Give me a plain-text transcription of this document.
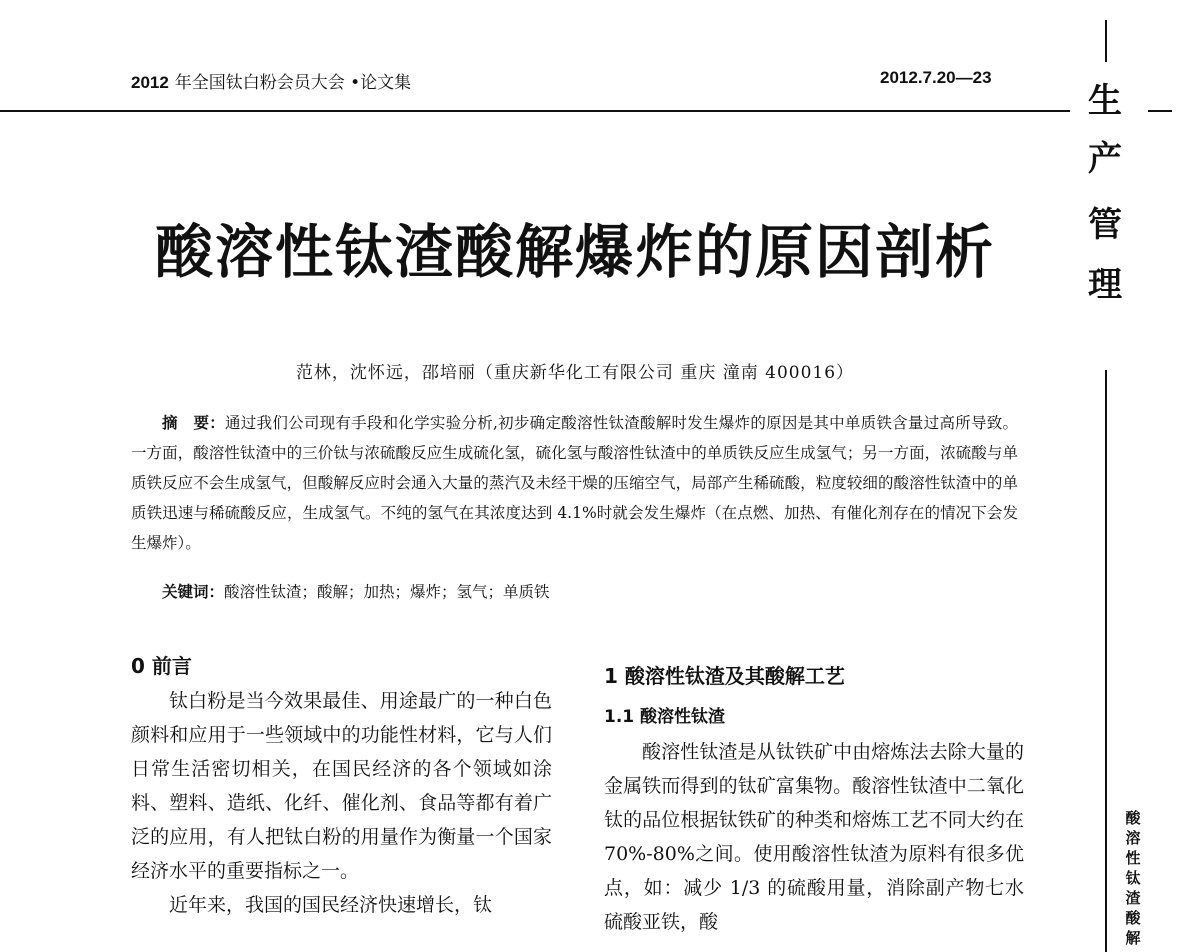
2012 年全国钛白粉会员大会 •论文集	2012.7.20—23
生
产
管
理
酸
溶
性
钛
渣
酸
解
酸溶性钛渣酸解爆炸的原因剖析
范林，沈怀远，邵培丽（重庆新华化工有限公司 重庆 潼南 400016）
摘　要：通过我们公司现有手段和化学实验分析,初步确定酸溶性钛渣酸解时发生爆炸的原因是其中单质铁含量过高所导致。一方面，酸溶性钛渣中的三价钛与浓硫酸反应生成硫化氢，硫化氢与酸溶性钛渣中的单质铁反应生成氢气；另一方面，浓硫酸与单质铁反应不会生成氢气，但酸解反应时会通入大量的蒸汽及未经干燥的压缩空气，局部产生稀硫酸，粒度较细的酸溶性钛渣中的单质铁迅速与稀硫酸反应，生成氢气。不纯的氢气在其浓度达到 4.1%时就会发生爆炸（在点燃、加热、有催化剂存在的情况下会发生爆炸）。
关键词：酸溶性钛渣；酸解；加热；爆炸；氢气；单质铁
0 前言

钛白粉是当今效果最佳、用途最广的一种白色颜料和应用于一些领域中的功能性材料，它与人们日常生活密切相关，在国民经济的各个领域如涂料、塑料、造纸、化纤、催化剂、食品等都有着广泛的应用，有人把钛白粉的用量作为衡量一个国家经济水平的重要指标之一。

近年来，我国的国民经济快速增长，钛

1 酸溶性钛渣及其酸解工艺
1.1 酸溶性钛渣

酸溶性钛渣是从钛铁矿中由熔炼法去除大量的金属铁而得到的钛矿富集物。酸溶性钛渣中二氧化钛的品位根据钛铁矿的种类和熔炼工艺不同大约在 70%-80%之间。使用酸溶性钛渣为原料有很多优点，如：减少 1/3 的硫酸用量，消除副产物七水硫酸亚铁，酸
